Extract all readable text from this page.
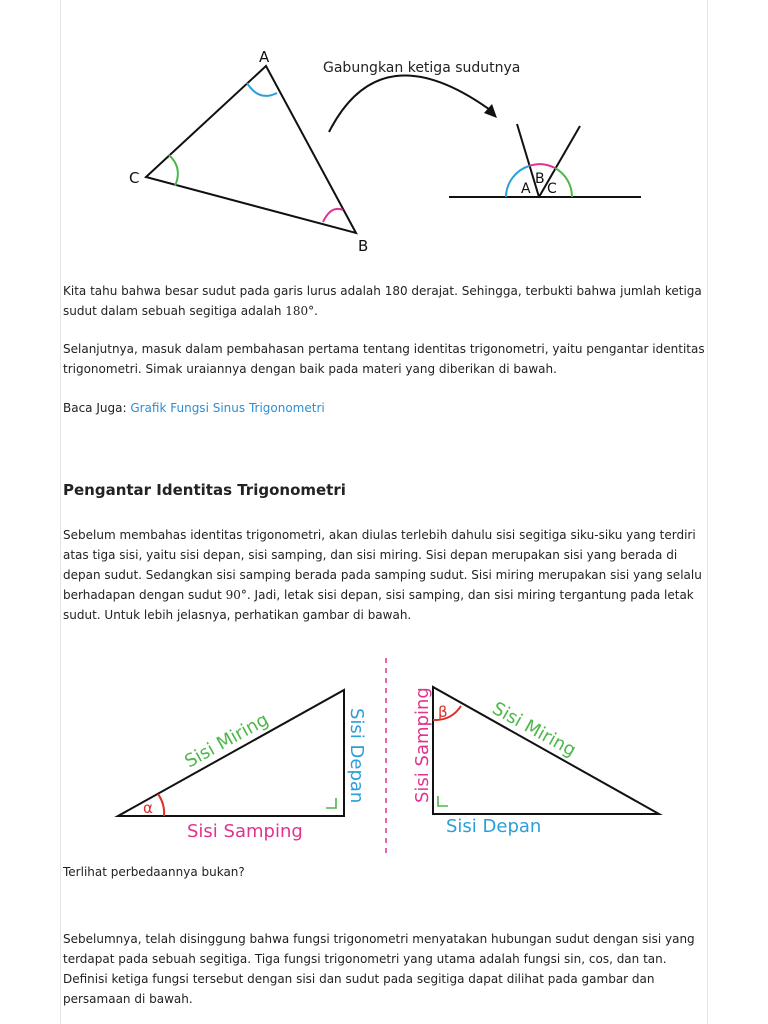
A
C
B
Gabungkan ketiga sudutnya
A
B
C

Kita tahu bahwa besar sudut pada garis lurus adalah 180 derajat. Sehingga, terbukti bahwa jumlah ketiga sudut dalam sebuah segitiga adalah 180°.

Selanjutnya, masuk dalam pembahasan pertama tentang identitas trigonometri, yaitu pengantar identitas trigonometri. Simak uraiannya dengan baik pada materi yang diberikan di bawah.

Baca Juga: Grafik Fungsi Sinus Trigonometri

Pengantar Identitas Trigonometri

Sebelum membahas identitas trigonometri, akan diulas terlebih dahulu sisi segitiga siku-siku yang terdiri atas tiga sisi, yaitu sisi depan, sisi samping, dan sisi miring. Sisi depan merupakan sisi yang berada di depan sudut. Sedangkan sisi samping berada pada samping sudut. Sisi miring merupakan sisi yang selalu berhadapan dengan sudut 90°. Jadi, letak sisi depan, sisi samping, dan sisi miring tergantung pada letak sudut. Untuk lebih jelasnya, perhatikan gambar di bawah.

α
Sisi Miring	Sisi Depan
Sisi Samping
β Sisi Miring
Sisi Samping
Sisi Depan

Terlihat perbedaannya bukan?

Sebelumnya, telah disinggung bahwa fungsi trigonometri menyatakan hubungan sudut dengan sisi yang terdapat pada sebuah segitiga. Tiga fungsi trigonometri yang utama adalah fungsi sin, cos, dan tan. Definisi ketiga fungsi tersebut dengan sisi dan sudut pada segitiga dapat dilihat pada gambar dan persamaan di bawah.
